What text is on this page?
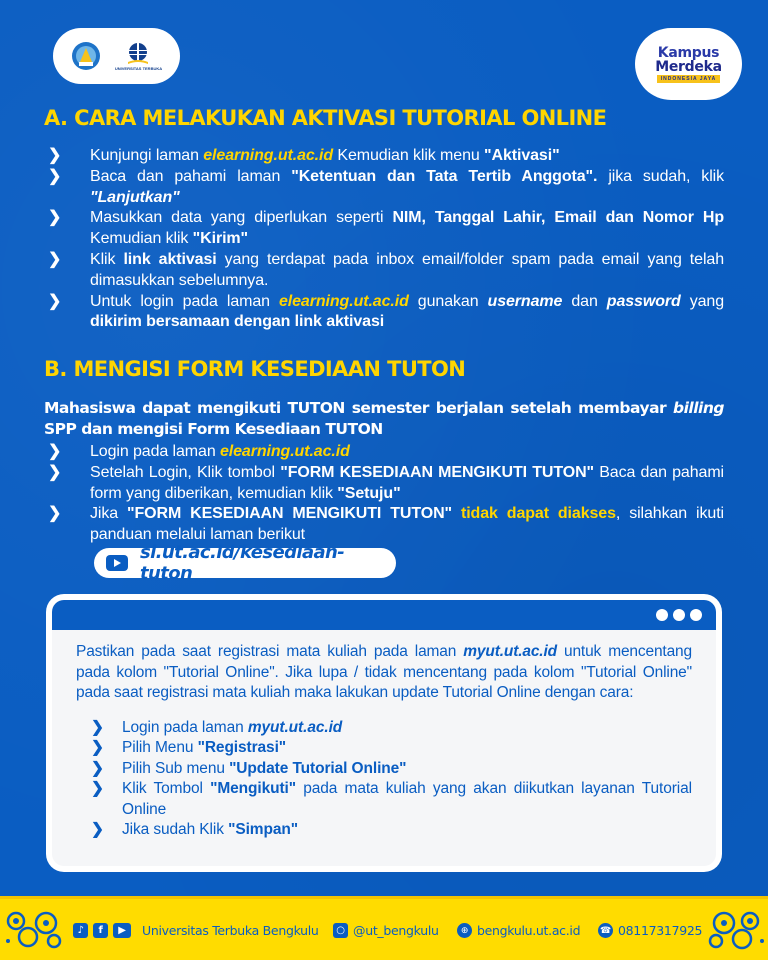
UNIVERSITAS TERBUKA
Kampus
Merdeka
INDONESIA JAYA
A. CARA MELAKUKAN AKTIVASI TUTORIAL ONLINE
❯ Kunjungi laman elearning.ut.ac.id Kemudian klik menu "Aktivasi"
❯ Baca dan pahami laman "Ketentuan dan Tata Tertib Anggota". jika sudah, klik "Lanjutkan"
❯ Masukkan data yang diperlukan seperti NIM, Tanggal Lahir, Email dan Nomor Hp Kemudian klik "Kirim"
❯ Klik link aktivasi yang terdapat pada inbox email/folder spam pada email yang telah dimasukkan sebelumnya.
❯ Untuk login pada laman elearning.ut.ac.id gunakan username dan password yang dikirim bersamaan dengan link aktivasi
B. MENGISI FORM KESEDIAAN TUTON
Mahasiswa dapat mengikuti TUTON semester berjalan setelah membayar billing SPP dan mengisi Form Kesediaan TUTON
❯ Login pada laman elearning.ut.ac.id
❯ Setelah Login, Klik tombol "FORM KESEDIAAN MENGIKUTI TUTON" Baca dan pahami form yang diberikan, kemudian klik "Setuju"
❯ Jika "FORM KESEDIAAN MENGIKUTI TUTON" tidak dapat diakses, silahkan ikuti panduan melalui laman berikut
sl.ut.ac.id/kesediaan-tuton

Pastikan pada saat registrasi mata kuliah pada laman myut.ut.ac.id untuk mencentang pada kolom "Tutorial Online". Jika lupa / tidak mencentang pada kolom "Tutorial Online" pada saat registrasi mata kuliah maka lakukan update Tutorial Online dengan cara:

❯ Login pada laman myut.ut.ac.id
❯ Pilih Menu "Registrasi"
❯ Pilih Sub menu "Update Tutorial Online"
❯ Klik Tombol "Mengikuti" pada mata kuliah yang akan diikutkan layanan Tutorial Online
❯ Jika sudah Klik "Simpan"
♪	f	▶	Universitas Terbuka Bengkulu	○ @ut_bengkulu	⊕ bengkulu.ut.ac.id ☎ 08117317925
